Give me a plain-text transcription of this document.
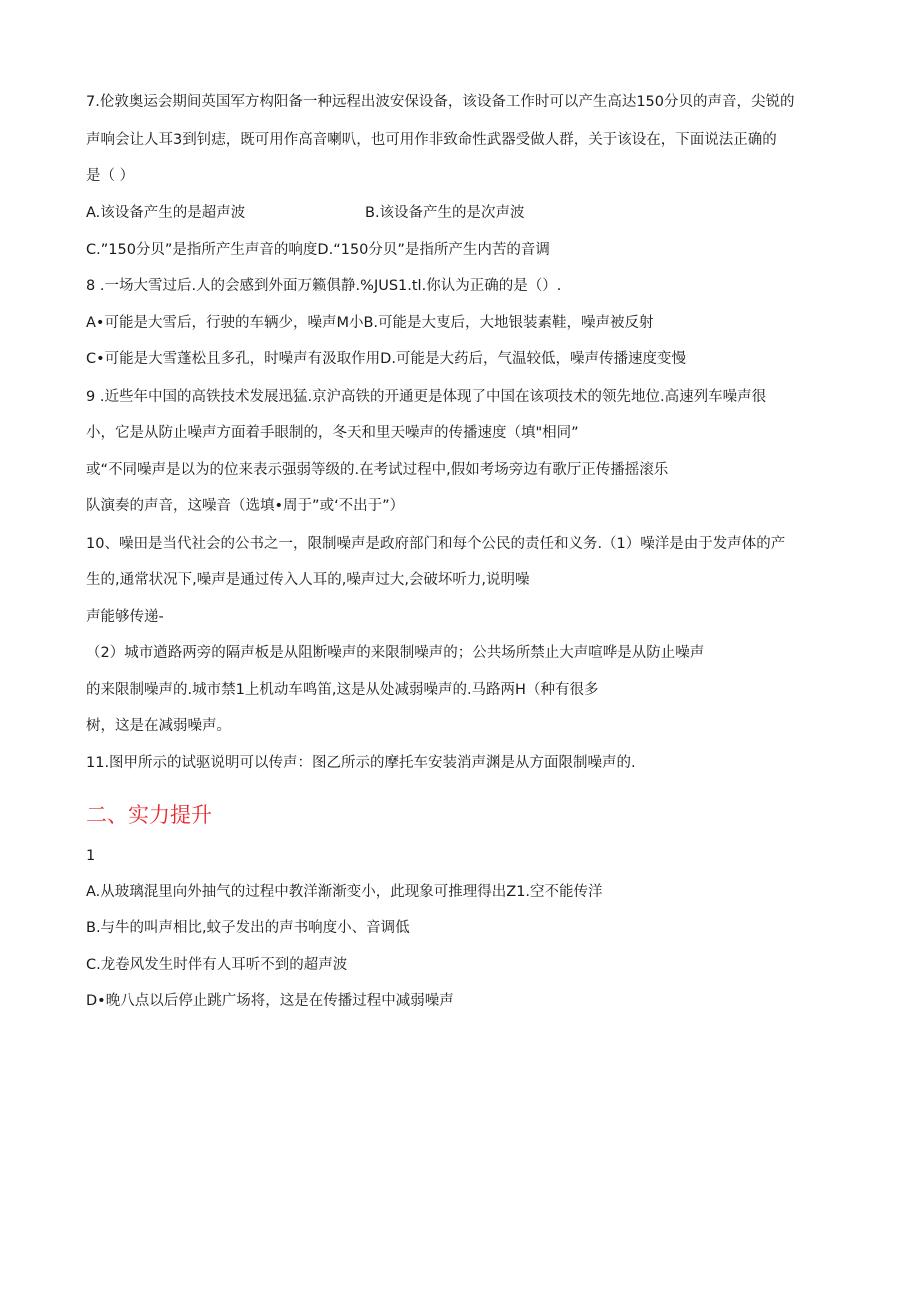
7.伦敦奥运会期间英国军方构阳备一种远程出波安保设备，该设备工作时可以产生高达150分贝的声音，尖锐的
声响会让人耳3到钊痣，既可用作高音喇叭，也可用作非致命性武器受做人群，关于该设在，下面说法正确的
是（ ）
A.该设备产生的是超声波	B.该设备产生的是次声波
C.”150分贝”是指所产生声音的响度D.“150分贝”是指所产生内苦的音调
8 .一场大雪过后.人的会感到外面万籁俱静.%JUS1.tl.你认为正确的是（）.
A•可能是大雪后，行驶的车辆少，噪声M小B.可能是大叓后，大地银装素鞋，噪声被反射
C•可能是大雪蓬松且多孔，时噪声有汲取作用D.可能是大药后，气温较低，噪声传播速度变慢
9 .近些年中国的高铁技术发展迅猛.京沪高铁的开通更是体现了中国在该项技术的领先地位.高速列车噪声很
小，它是从防止噪声方面着手眼制的，冬天和里天噪声的传播速度（填"相同”
或“不同噪声是以为的位来表示强弱等级的.在考试过程中,假如考场旁边有歌厅正传播摇滚乐
队演奏的声音，这噪音（选填•周于”或‘不出于”）
10、噪田是当代社会的公书之一，限制噪声是政府部门和每个公民的责任和义务.（1）噪洋是由于发声体的产
生的,通常状况下,噪声是通过传入人耳的,噪声过大,会破坏听力,说明噪
声能够传递-
（2）城市遒路两旁的隔声板是从阻断噪声的来限制噪声的；公共场所禁止大声喧哗是从防止噪声
的来限制噪声的.城市禁1上机动车鸣笛,这是从处减弱噪声的.马路两H（种有很多
树，这是在减弱噪声。
11.图甲所示的试驱说明可以传声：图乙所示的摩托车安装消声渊是从方面限制噪声的.
二、实力提升
1
A.从玻璃混里向外抽气的过程中教洋渐渐变小，此现象可推理得出Z1.空不能传洋
B.与牛的叫声相比,蚊子发出的声书响度小、音调低
C.龙卷风发生时伴有人耳听不到的超声波
D•晚八点以后停止跳广场将，这是在传播过程中减弱噪声
